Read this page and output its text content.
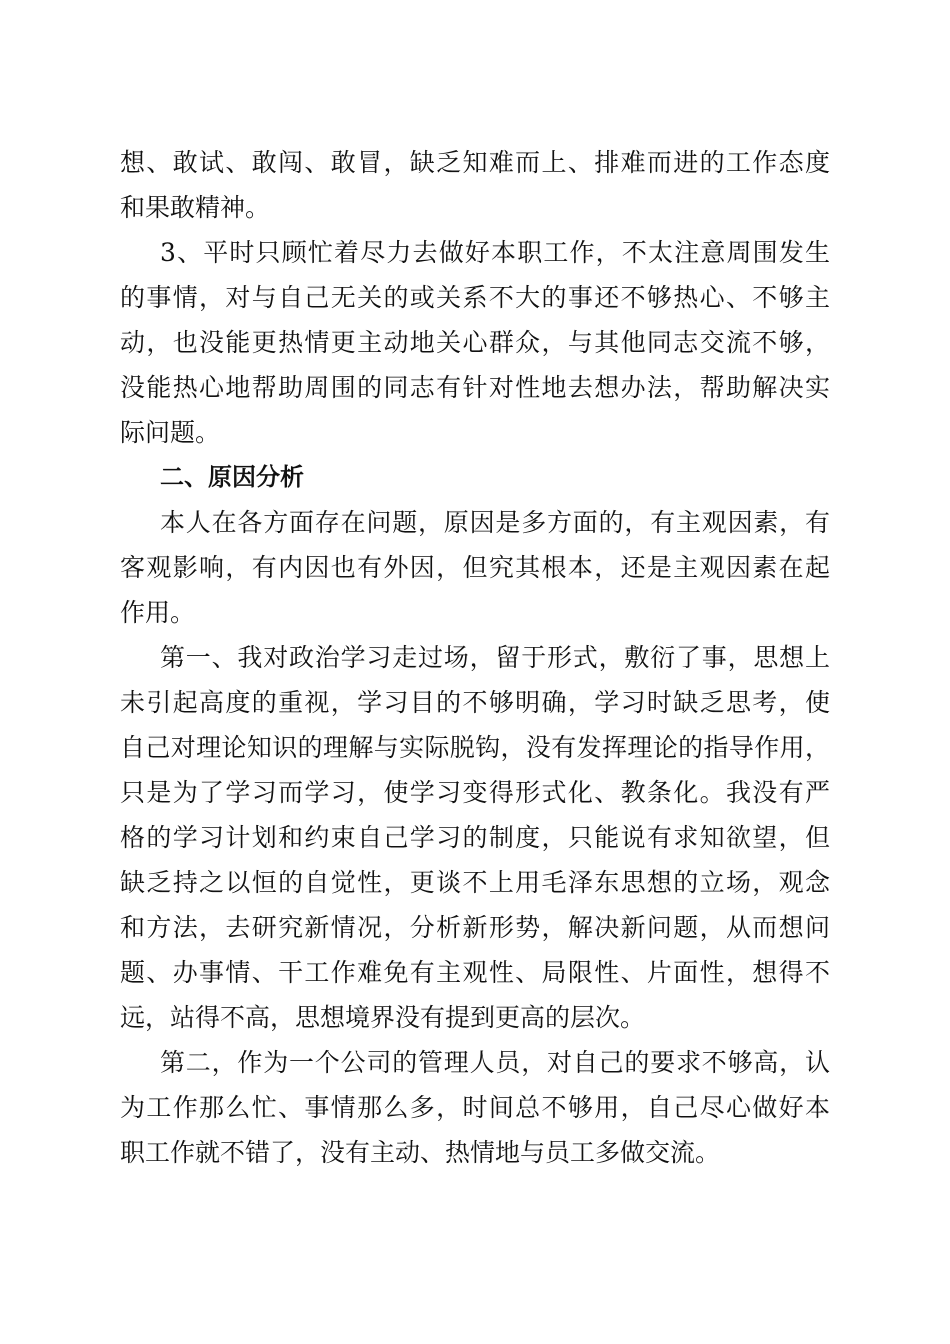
想、敢试、敢闯、敢冒，缺乏知难而上、排难而进的工作态度
和果敢精神。
3、平时只顾忙着尽力去做好本职工作，不太注意周围发生
的事情，对与自己无关的或关系不大的事还不够热心、不够主
动，也没能更热情更主动地关心群众，与其他同志交流不够，
没能热心地帮助周围的同志有针对性地去想办法，帮助解决实
际问题。
二、原因分析
本人在各方面存在问题，原因是多方面的，有主观因素，有
客观影响，有内因也有外因，但究其根本，还是主观因素在起
作用。
第一、我对政治学习走过场，留于形式，敷衍了事，思想上
未引起高度的重视，学习目的不够明确，学习时缺乏思考，使
自己对理论知识的理解与实际脱钩，没有发挥理论的指导作用，
只是为了学习而学习，使学习变得形式化、教条化。我没有严
格的学习计划和约束自己学习的制度，只能说有求知欲望，但
缺乏持之以恒的自觉性，更谈不上用毛泽东思想的立场，观念
和方法，去研究新情况，分析新形势，解决新问题，从而想问
题、办事情、干工作难免有主观性、局限性、片面性，想得不
远，站得不高，思想境界没有提到更高的层次。
第二，作为一个公司的管理人员，对自己的要求不够高，认
为工作那么忙、事情那么多，时间总不够用，自己尽心做好本
职工作就不错了，没有主动、热情地与员工多做交流。
